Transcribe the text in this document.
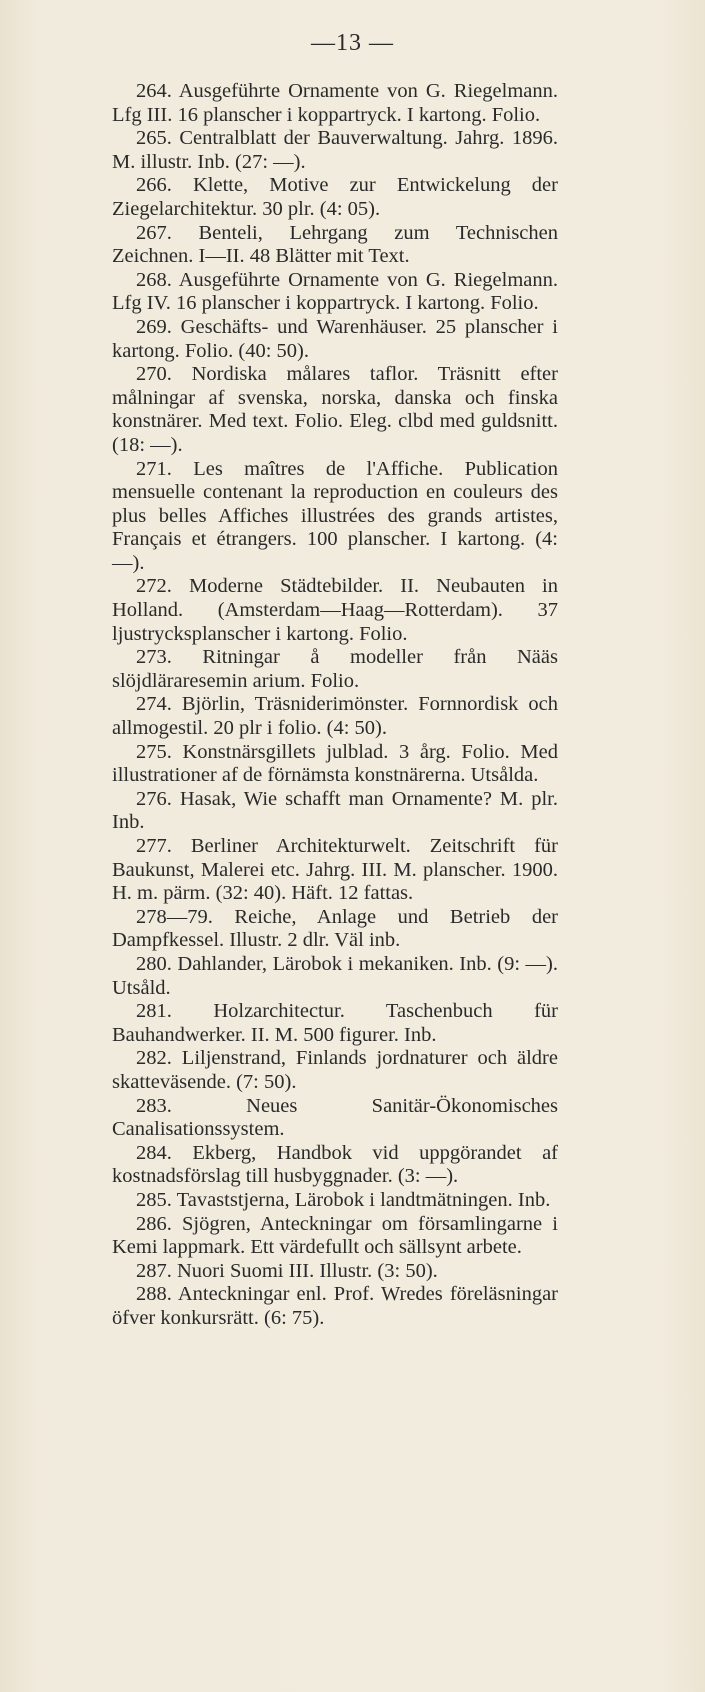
—13 —

264. Ausgeführte Ornamente von G. Riegelmann. Lfg III. 16 planscher i koppartryck. I kartong. Folio.

265. Centralblatt der Bauverwaltung. Jahrg. 1896. M. illustr. Inb. (27: —).

266. Klette, Motive zur Entwickelung der Ziegelarchitektur. 30 plr. (4: 05).

267. Benteli, Lehrgang zum Technischen Zeichnen. I—II. 48 Blätter mit Text.

268. Ausgeführte Ornamente von G. Riegelmann. Lfg IV. 16 planscher i koppartryck. I kartong. Folio.

269. Geschäfts- und Warenhäuser. 25 planscher i kartong. Folio. (40: 50).

270. Nordiska målares taflor. Träsnitt efter målningar af svenska, norska, danska och finska konstnärer. Med text. Folio. Eleg. clbd med guldsnitt. (18: —).

271. Les maîtres de l'Affiche. Publication mensuelle contenant la reproduction en couleurs des plus belles Affiches illustrées des grands artistes, Français et étrangers. 100 planscher. I kartong. (4: —).

272. Moderne Städtebilder. II. Neubauten in Holland. (Amsterdam—Haag—Rotterdam). 37 ljustrycksplanscher i kartong. Folio.

273. Ritningar å modeller från Nääs slöjdläraresemin arium. Folio.

274. Björlin, Träsniderimönster. Fornnordisk och allmogestil. 20 plr i folio. (4: 50).

275. Konstnärsgillets julblad. 3 årg. Folio. Med illustrationer af de förnämsta konstnärerna. Utsålda.

276. Hasak, Wie schafft man Ornamente? M. plr. Inb.

277. Berliner Architekturwelt. Zeitschrift für Baukunst, Malerei etc. Jahrg. III. M. planscher. 1900. H. m. pärm. (32: 40). Häft. 12 fattas.

278—79. Reiche, Anlage und Betrieb der Dampfkessel. Illustr. 2 dlr. Väl inb.

280. Dahlander, Lärobok i mekaniken. Inb. (9: —). Utsåld.

281. Holzarchitectur. Taschenbuch für Bauhandwerker. II. M. 500 figurer. Inb.

282. Liljenstrand, Finlands jordnaturer och äldre skatteväsende. (7: 50).

283. Neues Sanitär-Ökonomisches Canalisationssystem.

284. Ekberg, Handbok vid uppgörandet af kostnadsförslag till husbyggnader. (3: —).

285. Tavaststjerna, Lärobok i landtmätningen. Inb.

286. Sjögren, Anteckningar om församlingarne i Kemi lappmark. Ett värdefullt och sällsynt arbete.

287. Nuori Suomi III. Illustr. (3: 50).

288. Anteckningar enl. Prof. Wredes föreläsningar öfver konkursrätt. (6: 75).
